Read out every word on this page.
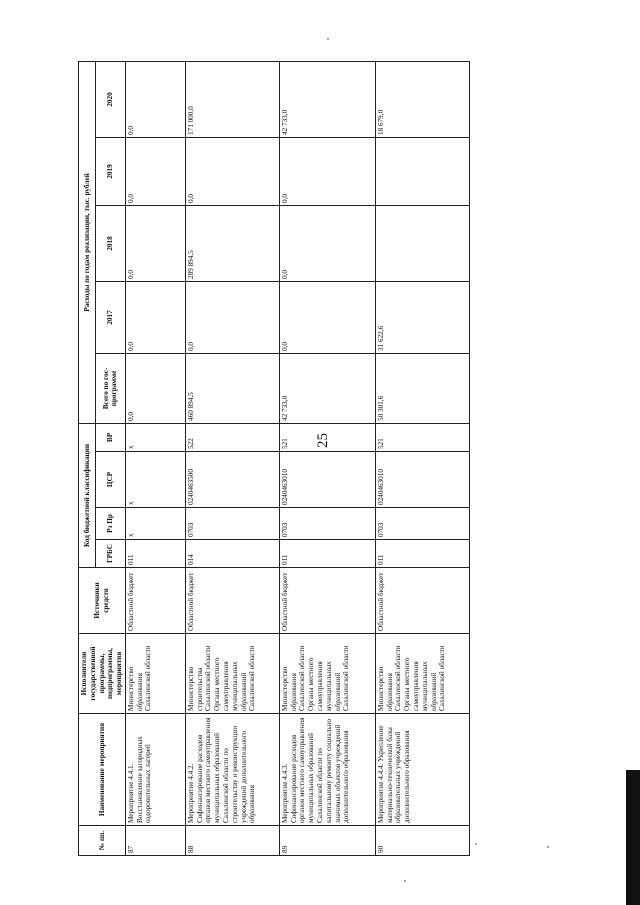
25
№ пп.	Наименование мероприятия	Исполнители государственной программы, подпрограммы, мероприятия	Источники средств	Код бюджетной классификации				Расходы по годам реализации, тыс. рублей				
				ГРБС	Рз Пр	ЦСР	ВР	Всего по гос-программе	2017	2018	2019	2020
87	Мероприятие 4.4.1. Восстановление загородных оздоровительных лагерей	Министерство образования Сахалинской области	Областной бюджет	011	х	х	х	0,0	0,0	0,0	0,0	0,0
88	Мероприятие 4.4.2. Софинансирование расходов органов местного самоуправления муниципальных образований Сахалинской области по строительству и реконструкции учреждений дополнительного образования	Министерство строительства Сахалинской области Органы местного самоуправления муниципальных образований Сахалинской области	Областной бюджет	014	0703	0240463500	522	460 894,5	0,0	289 894,5	0,0	171 000,0
89	Мероприятие 4.4.3. Софинансирование расходов органов местного самоуправления муниципальных образований Сахалинской области по капитальному ремонту социально значимых объектов учреждений дополнительного образования	Министерство образования Сахалинской области Органы местного самоуправления муниципальных образований Сахалинской области	Областной бюджет	011	0703	0240463010	521	42 733,0	0,0	0,0	0,0	42 733,0
90	Мероприятие 4.4.4. Укрепление материально-технической базы образовательных учреждений дополнительного образования	Министерство образования Сахалинской области Органы местного самоуправления муниципальных образований Сахалинской области	Областной бюджет	011	0703	0240463010	521	50 301,6	31 622,6			18 679,0
